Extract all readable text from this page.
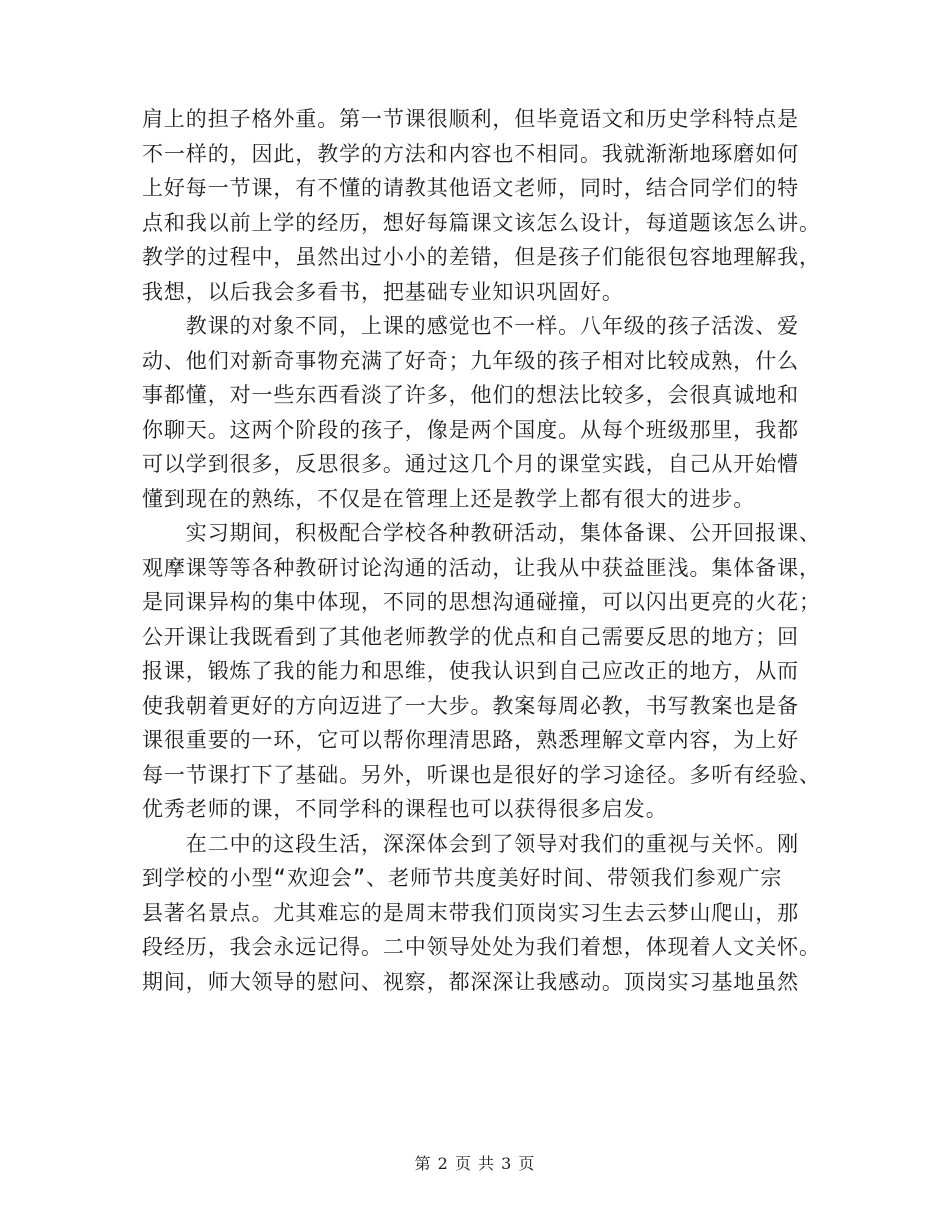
肩上的担子格外重。第一节课很顺利，但毕竟语文和历史学科特点是
不一样的，因此，教学的方法和内容也不相同。我就渐渐地琢磨如何
上好每一节课，有不懂的请教其他语文老师，同时，结合同学们的特
点和我以前上学的经历，想好每篇课文该怎么设计，每道题该怎么讲。
教学的过程中，虽然出过小小的差错，但是孩子们能很包容地理解我，
我想，以后我会多看书，把基础专业知识巩固好。
　　教课的对象不同，上课的感觉也不一样。八年级的孩子活泼、爱
动、他们对新奇事物充满了好奇；九年级的孩子相对比较成熟，什么
事都懂，对一些东西看淡了许多，他们的想法比较多，会很真诚地和
你聊天。这两个阶段的孩子，像是两个国度。从每个班级那里，我都
可以学到很多，反思很多。通过这几个月的课堂实践，自己从开始懵
懂到现在的熟练，不仅是在管理上还是教学上都有很大的进步。
　　实习期间，积极配合学校各种教研活动，集体备课、公开回报课、
观摩课等等各种教研讨论沟通的活动，让我从中获益匪浅。集体备课，
是同课异构的集中体现，不同的思想沟通碰撞，可以闪出更亮的火花；
公开课让我既看到了其他老师教学的优点和自己需要反思的地方；回
报课，锻炼了我的能力和思维，使我认识到自己应改正的地方，从而
使我朝着更好的方向迈进了一大步。教案每周必教，书写教案也是备
课很重要的一环，它可以帮你理清思路，熟悉理解文章内容，为上好
每一节课打下了基础。另外，听课也是很好的学习途径。多听有经验、
优秀老师的课，不同学科的课程也可以获得很多启发。
　　在二中的这段生活，深深体会到了领导对我们的重视与关怀。刚
到学校的小型“欢迎会”、老师节共度美好时间、带领我们参观广宗
县著名景点。尤其难忘的是周末带我们顶岗实习生去云梦山爬山，那
段经历，我会永远记得。二中领导处处为我们着想，体现着人文关怀。
期间，师大领导的慰问、视察，都深深让我感动。顶岗实习基地虽然
第 2 页 共 3 页
